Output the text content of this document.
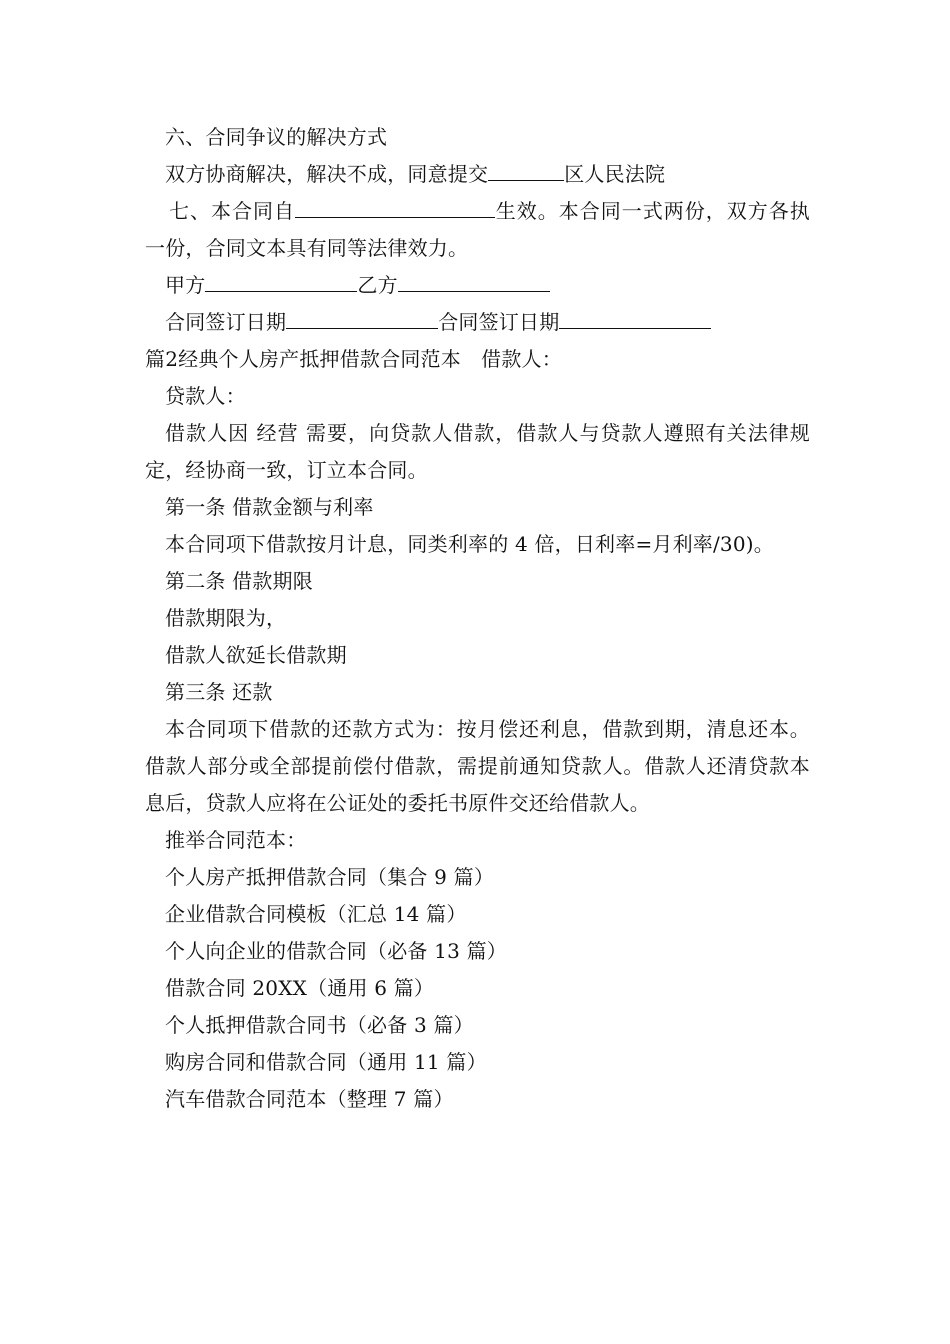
六、合同争议的解决方式
双方协商解决，解决不成，同意提交	区人民法院
七、本合同自	生效。本合同一式两份，双方各执一份，合同文本具有同等法律效力。
甲方	乙方
合同签订日期	合同签订日期
篇2经典个人房产抵押借款合同范本　借款人：
贷款人：
借款人因 经营 需要，向贷款人借款，借款人与贷款人遵照有关法律规定，经协商一致，订立本合同。
第一条 借款金额与利率
本合同项下借款按月计息，同类利率的 4 倍，日利率=月利率/30)。
第二条 借款期限
借款期限为，
借款人欲延长借款期
第三条 还款
本合同项下借款的还款方式为：按月偿还利息，借款到期，清息还本。借款人部分或全部提前偿付借款，需提前通知贷款人。借款人还清贷款本息后，贷款人应将在公证处的委托书原件交还给借款人。
推举合同范本：
个人房产抵押借款合同（集合 9 篇）
企业借款合同模板（汇总 14 篇）
个人向企业的借款合同（必备 13 篇）
借款合同 20XX（通用 6 篇）
个人抵押借款合同书（必备 3 篇）
购房合同和借款合同（通用 11 篇）
汽车借款合同范本（整理 7 篇）
